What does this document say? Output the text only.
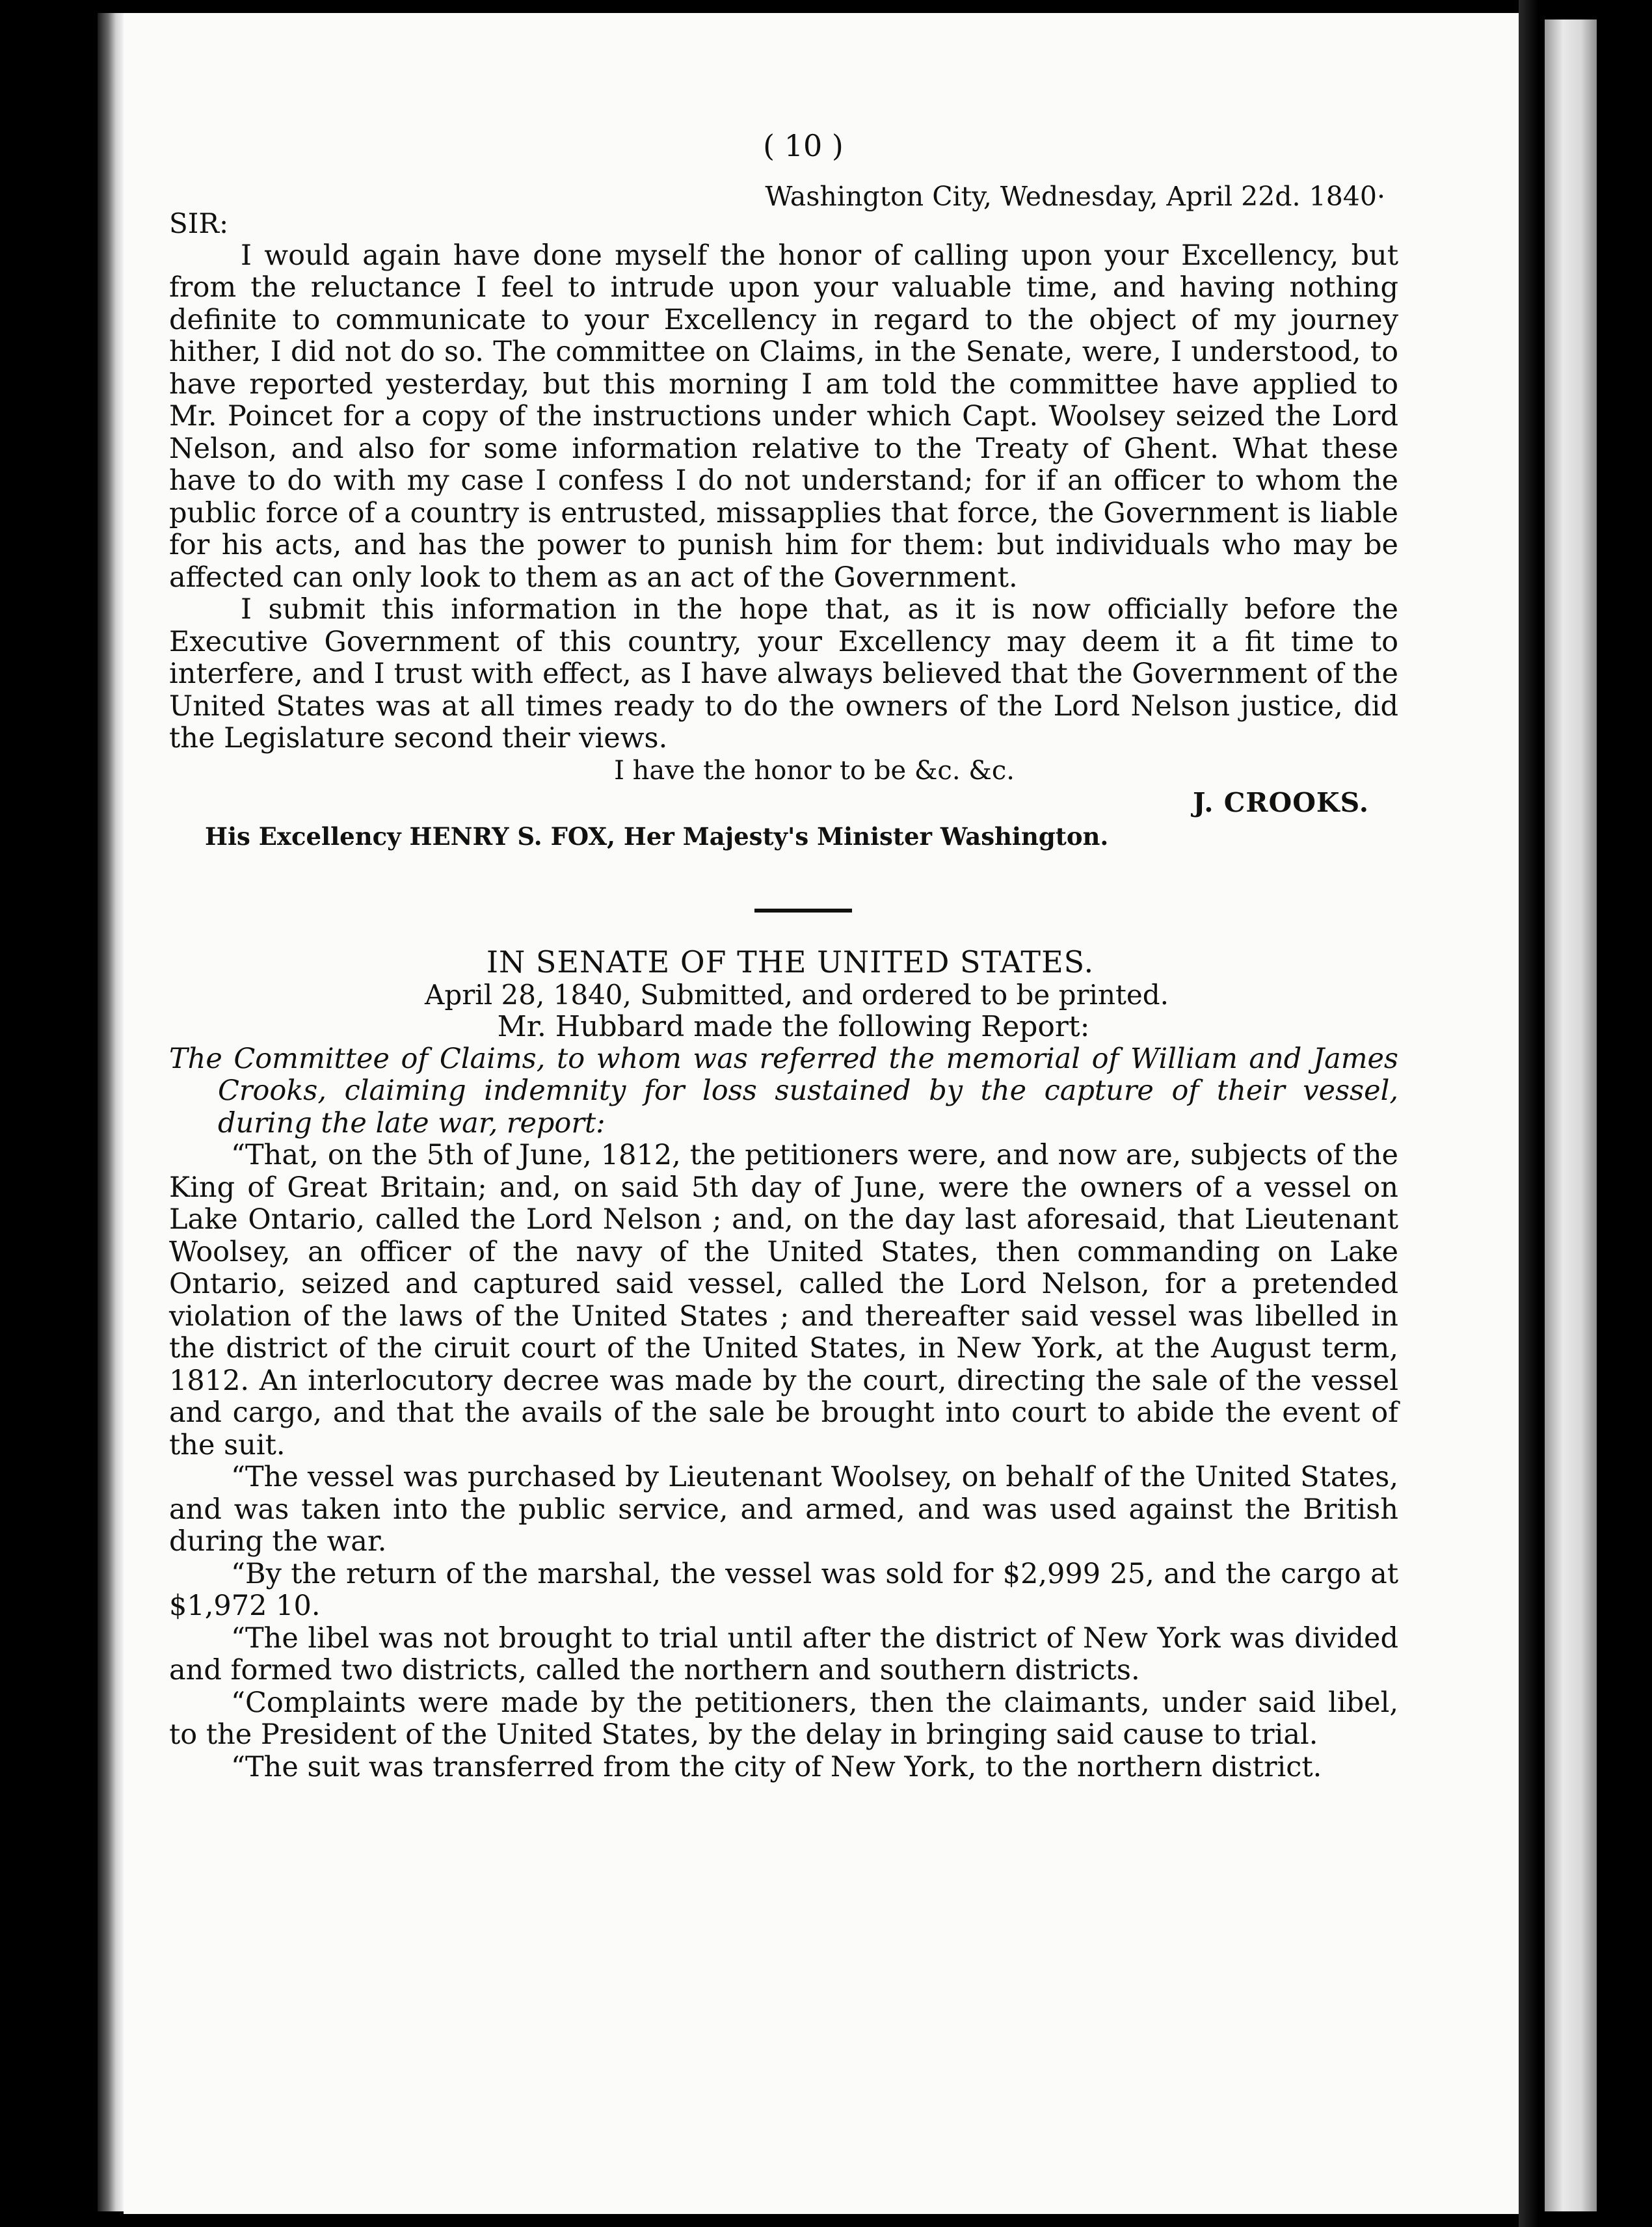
( 10 )
Washington City, Wednesday, April 22d. 1840·
SIR:

I would again have done myself the honor of calling upon your Excellency, but from the reluctance I feel to intrude upon your valuable time, and having nothing definite to communicate to your Excellency in regard to the object of my journey hither, I did not do so. The committee on Claims, in the Senate, were, I understood, to have reported yesterday, but this morning I am told the committee have applied to Mr. Poincet for a copy of the instructions under which Capt. Woolsey seized the Lord Nelson, and also for some information relative to the Treaty of Ghent. What these have to do with my case I confess I do not understand; for if an officer to whom the public force of a country is entrusted, missapplies that force, the Government is liable for his acts, and has the power to punish him for them: but individuals who may be affected can only look to them as an act of the Government.

I submit this information in the hope that, as it is now officially before the Executive Government of this country, your Excellency may deem it a fit time to interfere, and I trust with effect, as I have always believed that the Government of the United States was at all times ready to do the owners of the Lord Nelson justice, did the Legislature second their views.

I have the honor to be &c. &c.
J. CROOKS.
His Excellency HENRY S. FOX, Her Majesty's Minister Washington.
IN SENATE OF THE UNITED STATES.
April 28, 1840, Submitted, and ordered to be printed.
Mr. Hubbard made the following Report:

The Committee of Claims, to whom was referred the memorial of William and James Crooks, claiming indemnity for loss sustained by the capture of their vessel, during the late war, report:

“That, on the 5th of June, 1812, the petitioners were, and now are, subjects of the King of Great Britain; and, on said 5th day of June, were the owners of a vessel on Lake Ontario, called the Lord Nelson ; and, on the day last aforesaid, that Lieutenant Woolsey, an officer of the navy of the United States, then commanding on Lake Ontario, seized and captured said vessel, called the Lord Nelson, for a pretended violation of the laws of the United States ; and thereafter said vessel was libelled in the district of the ciruit court of the United States, in New York, at the August term, 1812. An interlocutory decree was made by the court, directing the sale of the vessel and cargo, and that the avails of the sale be brought into court to abide the event of the suit.

“The vessel was purchased by Lieutenant Woolsey, on behalf of the United States, and was taken into the public service, and armed, and was used against the British during the war.

“By the return of the marshal, the vessel was sold for $2,999 25, and the cargo at $1,972 10.

“The libel was not brought to trial until after the district of New York was divided and formed two districts, called the northern and southern districts.

“Complaints were made by the petitioners, then the claimants, under said libel, to the President of the United States, by the delay in bringing said cause to trial.

“The suit was transferred from the city of New York, to the northern district.
